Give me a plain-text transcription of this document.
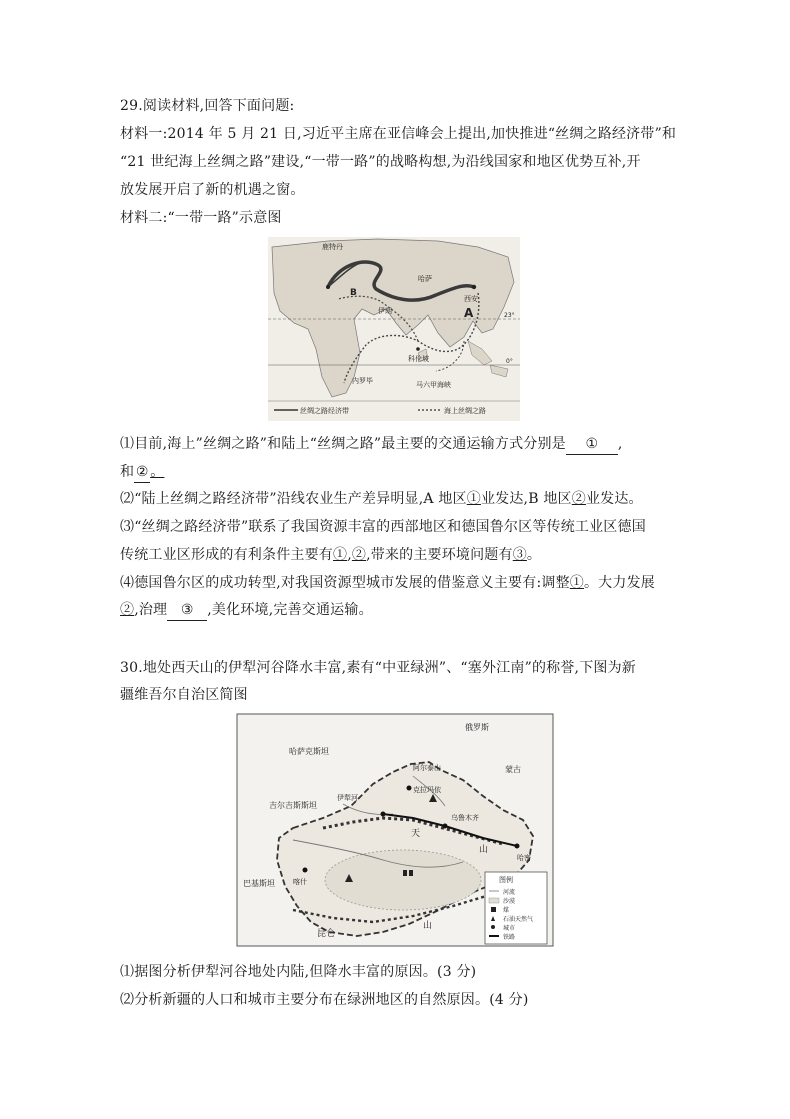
29.阅读材料,回答下面问题:
材料一:2014 年 5 月 21 日,习近平主席在亚信峰会上提出,加快推进“丝绸之路经济带”和
“21 世纪海上丝绸之路”建设,“一带一路”的战略构想,为沿线国家和地区优势互补,开
放发展开启了新的机遇之窗。
材料二:“一带一路”示意图
丝绸之路经济带	海上丝绸之路
鹿特丹
哈萨
西安
伊朗	A
B
科伦坡
内罗毕	马六甲海峡
23°
0°
⑴目前,海上”丝绸之路”和陆上“丝绸之路”最主要的交通运输方式分别是 ① ,
和 ② 。
⑵“陆上丝绸之路经济带”沿线农业生产差异明显,A 地区①业发达,B 地区②业发达。
⑶“丝绸之路经济带”联系了我国资源丰富的西部地区和德国鲁尔区等传统工业区德国
传统工业区形成的有利条件主要有①,②,带来的主要环境问题有③。
⑷德国鲁尔区的成功转型,对我国资源型城市发展的借鉴意义主要有:调整①。大力发展
②,治理 ③ ,美化环境,完善交通运输。
30.地处西天山的伊犁河谷降水丰富,素有“中亚绿洲”、“塞外江南”的称誉,下图为新
疆维吾尔自治区简图
图例
河流
沙漠
煤
石油天然气
城市
铁路
俄罗斯
哈萨克斯坦
蒙古
阿尔泰山
克拉玛依
吉尔吉斯斯坦
伊犁河
乌鲁木齐
天
山
哈密
喀什
昆仑
山
巴基斯坦
⑴据图分析伊犁河谷地处内陆,但降水丰富的原因。(3 分)
⑵分析新疆的人口和城市主要分布在绿洲地区的自然原因。(4 分)
